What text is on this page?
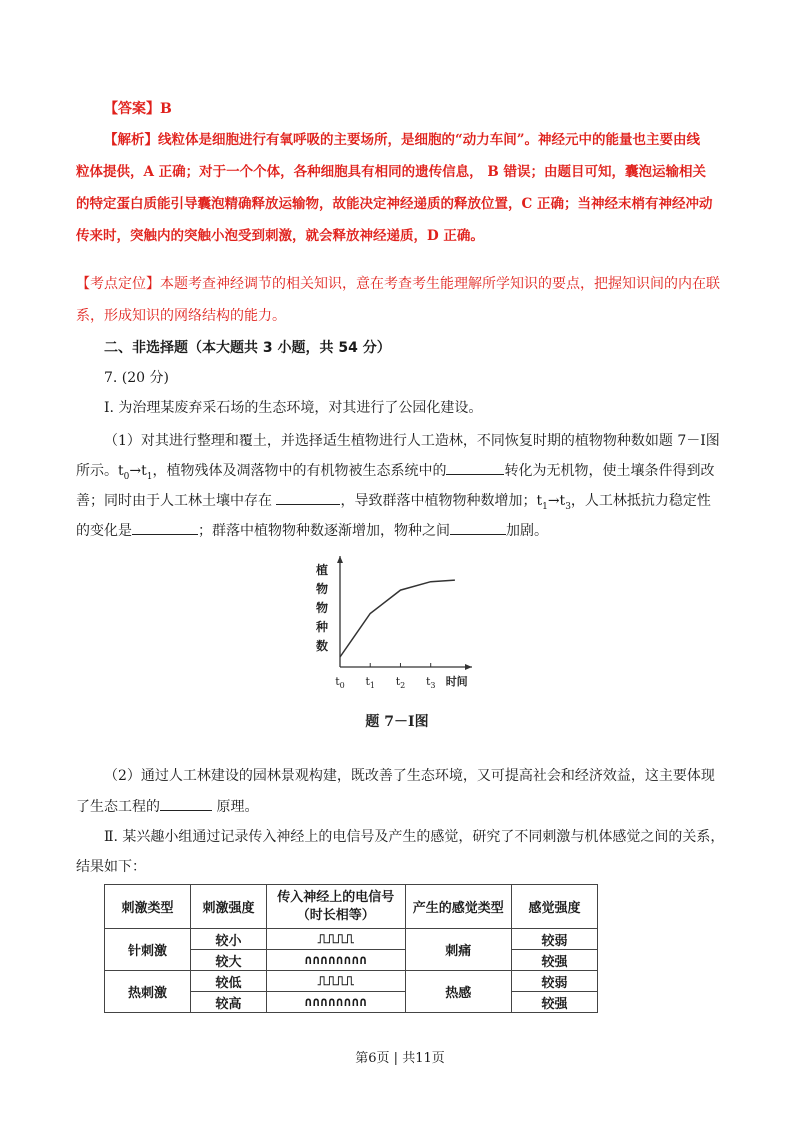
【答案】B
【解析】线粒体是细胞进行有氧呼吸的主要场所，是细胞的“动力车间”。神经元中的能量也主要由线
粒体提供，A 正确；对于一个个体，各种细胞具有相同的遗传信息， B 错误；由题目可知，囊泡运输相关
的特定蛋白质能引导囊泡精确释放运输物，故能决定神经递质的释放位置，C 正确；当神经末梢有神经冲动
传来时，突触内的突触小泡受到刺激，就会释放神经递质，D 正确。
【考点定位】本题考查神经调节的相关知识，意在考查考生能理解所学知识的要点，把握知识间的内在联
系，形成知识的网络结构的能力。
二、非选择题（本大题共 3 小题，共 54 分）
7. (20 分)
Ⅰ. 为治理某废弃采石场的生态环境，对其进行了公园化建设。
（1）对其进行整理和覆土，并选择适生植物进行人工造林，不同恢复时期的植物物种数如题 7－Ⅰ图
所示。$t_0\to t_1$，植物残体及凋落物中的有机物被生态系统中的	转化为无机物，使土壤条件得到改
善；同时由于人工林土壤中存在	，导致群落中植物物种数增加；$t_1\to t_3$，人工林抵抗力稳定性
的变化是	；群落中植物物种数逐渐增加，物种之间	加剧。
植
物
物
种
数
$t_0$ $t_1$ $t_2$ $t_3$ 时间
题 7－Ⅰ图
（2）通过人工林建设的园林景观构建，既改善了生态环境，又可提高社会和经济效益，这主要体现
了生态工程的	原理。
Ⅱ. 某兴趣小组通过记录传入神经上的电信号及产生的感觉，研究了不同刺激与机体感觉之间的关系，
结果如下：
刺激类型	刺激强度	传入神经上的电信号
（时长相等）	产生的感觉类型	感觉强度
针刺激	较小	⎍⎍⎍⎍	刺痛	较弱
	较大	∩∩∩∩∩∩∩∩		较强
热刺激	较低	⎍⎍⎍⎍	热感	较弱
	较高	∩∩∩∩∩∩∩∩		较强
第6页 | 共11页
